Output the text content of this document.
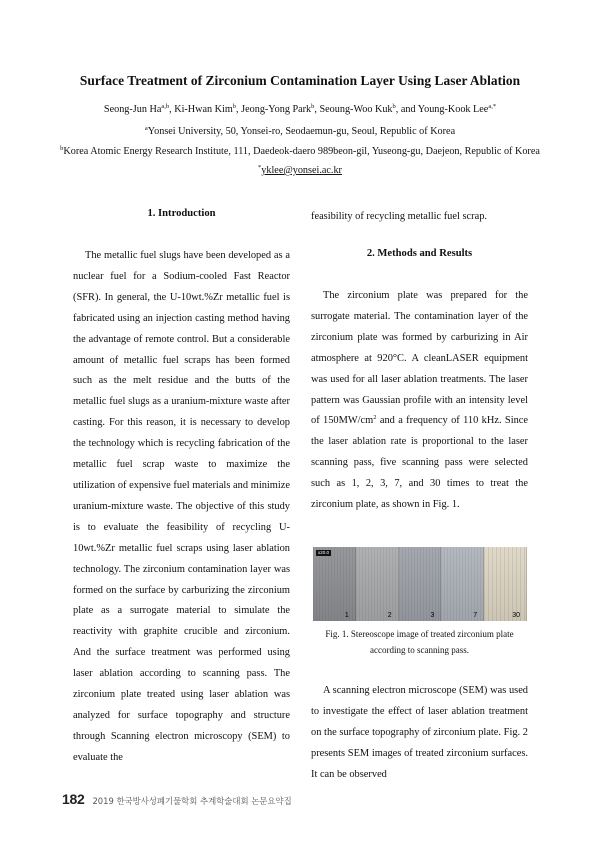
Surface Treatment of Zirconium Contamination Layer Using Laser Ablation
Seong-Jun Ha$^{a,b}$, Ki-Hwan Kim$^b$, Jeong-Yong Park$^b$, Seoung-Woo Kuk$^b$, and Young-Kook Lee$^{a,*}$
$^a$Yonsei University, 50, Yonsei-ro, Seodaemun-gu, Seoul, Republic of Korea
$^b$Korea Atomic Energy Research Institute, 111, Daedeok-daero 989beon-gil, Yuseong-gu, Daejeon, Republic of Korea
*yklee@yonsei.ac.kr
1. Introduction

The metallic fuel slugs have been developed as a nuclear fuel for a Sodium-cooled Fast Reactor (SFR). In general, the U-10wt.%Zr metallic fuel is fabricated using an injection casting method having the advantage of remote control. But a considerable amount of metallic fuel scraps has been formed such as the melt residue and the butts of the metallic fuel slugs as a uranium-mixture waste after casting. For this reason, it is necessary to develop the technology which is recycling fabrication of the metallic fuel scrap waste to maximize the utilization of expensive fuel materials and minimize uranium-mixture waste. The objective of this study is to evaluate the feasibility of recycling U-10wt.%Zr metallic fuel scraps using laser ablation technology. The zirconium contamination layer was formed on the surface by carburizing the zirconium plate as a surrogate material to simulate the reactivity with graphite crucible and zirconium. And the surface treatment was performed using laser ablation according to scanning pass. The zirconium plate treated using laser ablation was analyzed for surface topography and structure through Scanning electron microscopy (SEM) to evaluate the

feasibility of recycling metallic fuel scrap.

2. Methods and Results

The zirconium plate was prepared for the surrogate material. The contamination layer of the zirconium plate was formed by carburizing in Air atmosphere at 920°C. A cleanLASER equipment was used for all laser ablation treatments. The laser pattern was Gaussian profile with an intensity level of $150MW/cm^2$ and a frequency of 110 kHz. Since the laser ablation rate is proportional to the laser scanning pass, five scanning pass were selected such as 1, 2, 3, 7, and 30 times to treat the zirconium plate, as shown in Fig. 1.

A scanning electron microscope (SEM) was used to investigate the effect of laser ablation treatment on the surface topography of zirconium plate. Fig. 2 presents SEM images of treated zirconium surfaces. It can be observed

x20.0
1	2	3	7	30
Fig. 1. Stereoscope image of treated zirconium plate
according to scanning pass.
182 2019 한국방사성폐기물학회 추계학술대회 논문요약집
